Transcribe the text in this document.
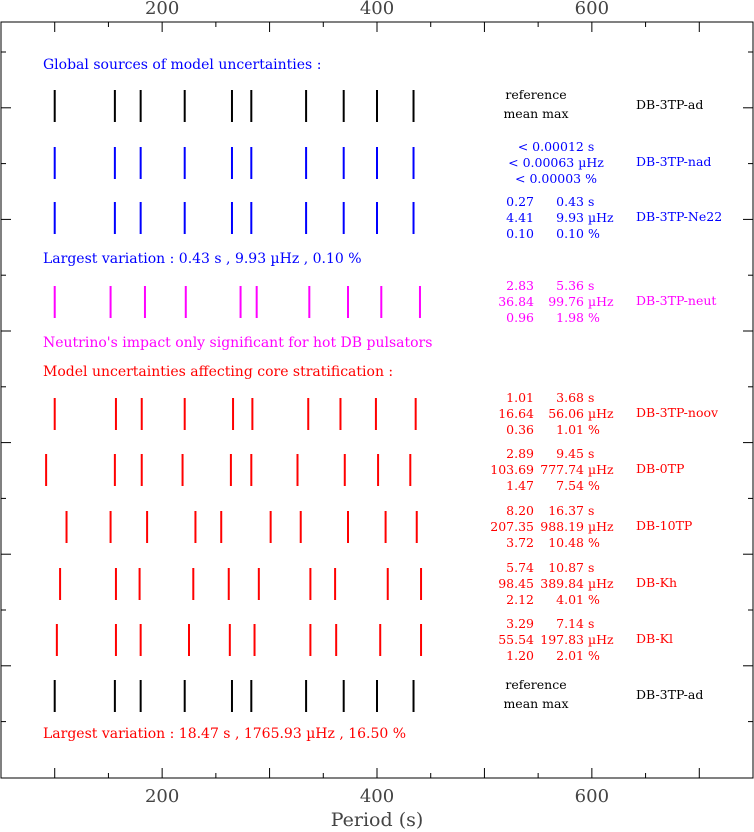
200
200
400
400
600
600
DB-3TP-ad
reference
mean max
DB-3TP-nad
< 0.00012 s
< 0.00063 µHz
< 0.00003 %
DB-3TP-Ne22
0.27 0.43 s
4.41 9.93 µHz
0.10 0.10 %
DB-3TP-neut
2.83 5.36 s
36.84 99.76 µHz
0.96 1.98 %
DB-3TP-noov
1.01 3.68 s
16.64 56.06 µHz
0.36 1.01 %
DB-0TP
2.89 9.45 s
103.69 777.74 µHz
1.47 7.54 %
DB-10TP
8.20 16.37 s
207.35 988.19 µHz
3.72 10.48 %
DB-Kh
5.74 10.87 s
98.45 389.84 µHz
2.12 4.01 %
DB-Kl
3.29 7.14 s
55.54 197.83 µHz
1.20 2.01 %
DB-3TP-ad
reference
mean max
Global sources of model uncertainties :
Largest variation : 0.43 s , 9.93 µHz , 0.10 %
Neutrino's impact only significant for hot DB pulsators
Model uncertainties affecting core stratification :
Largest variation : 18.47 s , 1765.93 µHz , 16.50 %
Period (s)
